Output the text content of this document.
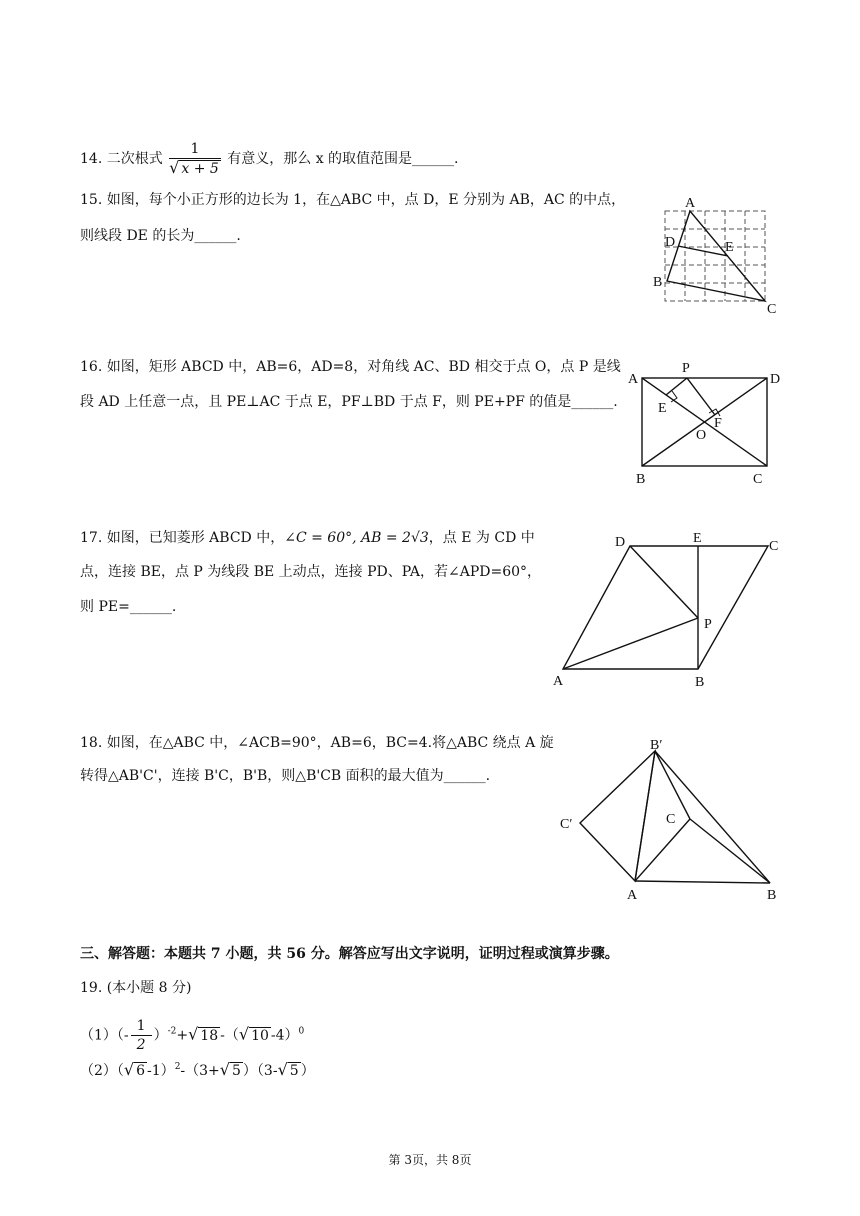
14. 二次根式 $\frac{1}{√ x + 5}$ 有意义，那么 x 的取值范围是______.
15. 如图，每个小正方形的边长为 1，在△ABC 中，点 D，E 分别为 AB，AC 的中点，
则线段 DE 的长为______.
A
B
C
D	E
16. 如图，矩形 ABCD 中，AB=6，AD=8，对角线 AC、BD 相交于点 O，点 P 是线
段 AD 上任意一点，且 PE⊥AC 于点 E，PF⊥BD 于点 F，则 PE+PF 的值是______.
A	D
P
E
F
O
B	C
17. 如图，已知菱形 ABCD 中，∠C = 60°, AB = 2√3，点 E 为 CD 中
点，连接 BE，点 P 为线段 BE 上动点，连接 PD、PA，若∠APD=60°，
则 PE=______.
D	E
C
P
A	B
18. 如图，在△ABC 中，∠ACB=90°，AB=6，BC=4.将△ABC 绕点 A 旋
转得△AB'C'，连接 B'C，B'B，则△B'CB 面积的最大值为______.
B′
C′	C
A	B
三、解答题：本题共 7 小题，共 56 分。解答应写出文字说明，证明过程或演算步骤。
19. (本小题 8 分)
$(1)(- \frac{1}{2} )^{-2}+√$ 18 -（√ 10 -4）$^0$
（2）（√ 6 -1）$^2$-（3+√ 5 ）（3-√ 5 ）
第 3页，共 8页
